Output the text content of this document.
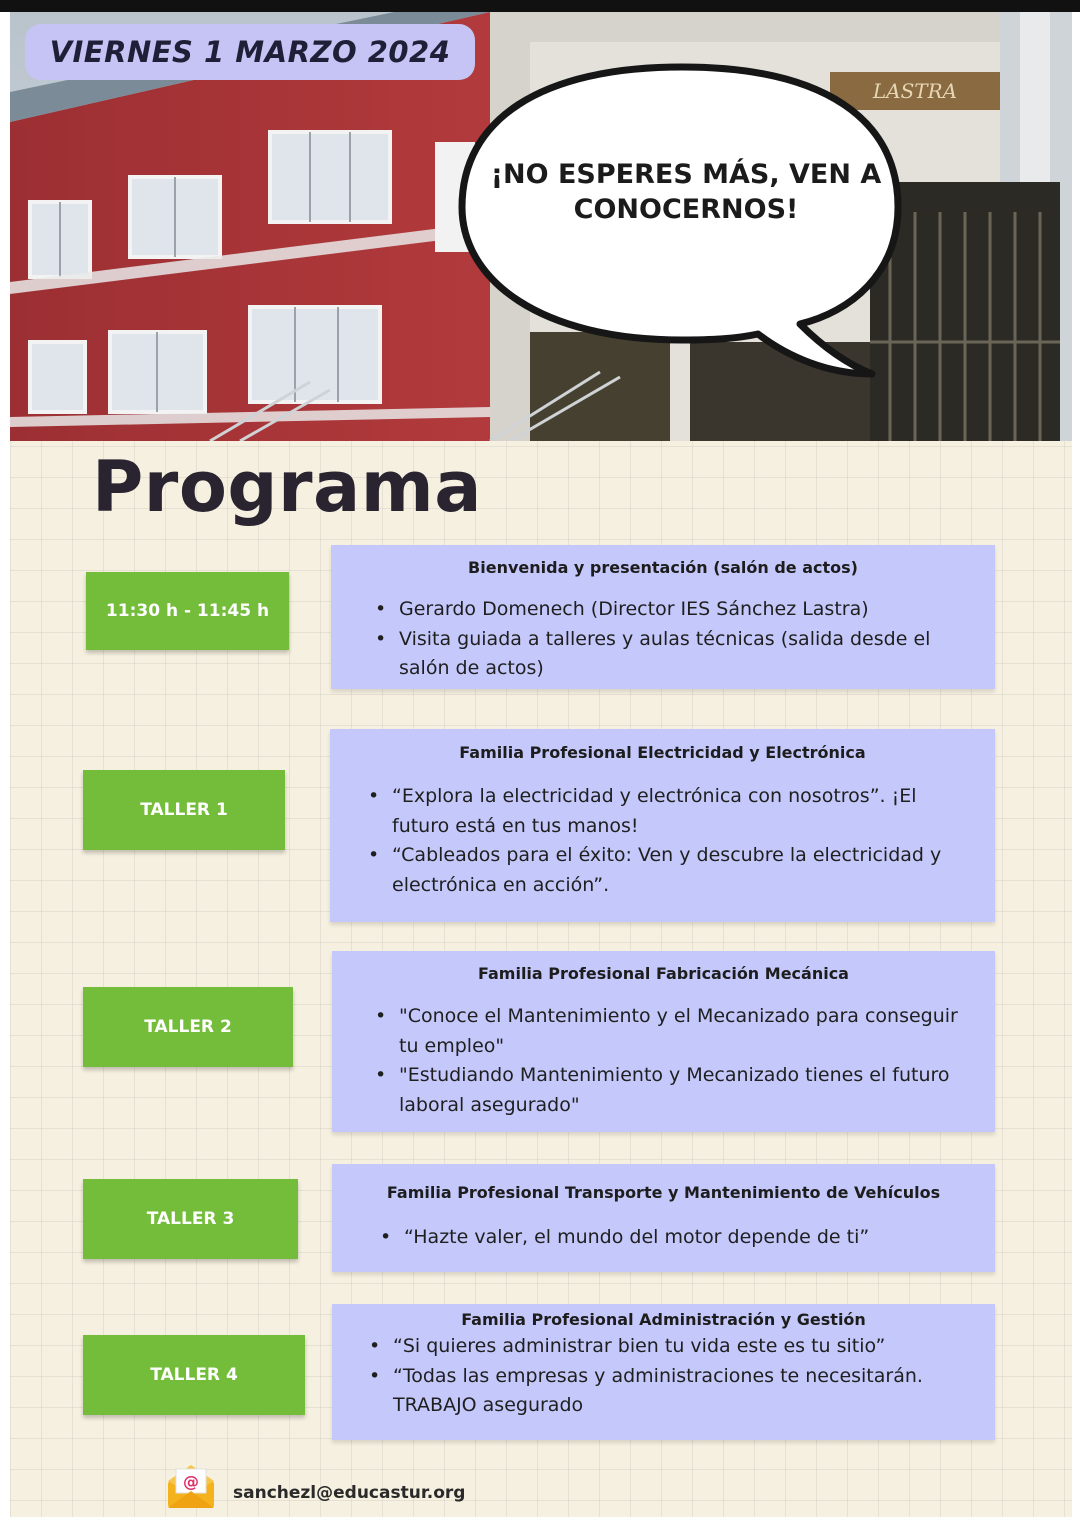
LASTRA
VIERNES 1 MARZO 2024
¡NO ESPERES MÁS, VEN A
CONOCERNOS!
Programa
11:30 h - 11:45 h
Bienvenida y presentación (salón de actos)
• Gerardo Domenech (Director IES Sánchez Lastra)
• Visita guiada a talleres y aulas técnicas (salida desde el salón de actos)
TALLER 1
Familia Profesional Electricidad y Electrónica
• “Explora la electricidad y electrónica con nosotros”. ¡El futuro está en tus manos!
• “Cableados para el éxito: Ven y descubre la electricidad y electrónica en acción”.
TALLER 2
Familia Profesional Fabricación Mecánica
• "Conoce el Mantenimiento y el Mecanizado para conseguir tu empleo"
• "Estudiando Mantenimiento y Mecanizado tienes el futuro laboral asegurado"
TALLER 3
Familia Profesional Transporte y Mantenimiento de Vehículos
• “Hazte valer, el mundo del motor depende de ti”
TALLER 4
Familia Profesional Administración y Gestión
• “Si quieres administrar bien tu vida este es tu sitio”
• “Todas las empresas y administraciones te necesitarán. TRABAJO asegurado
@
sanchezl@educastur.org
